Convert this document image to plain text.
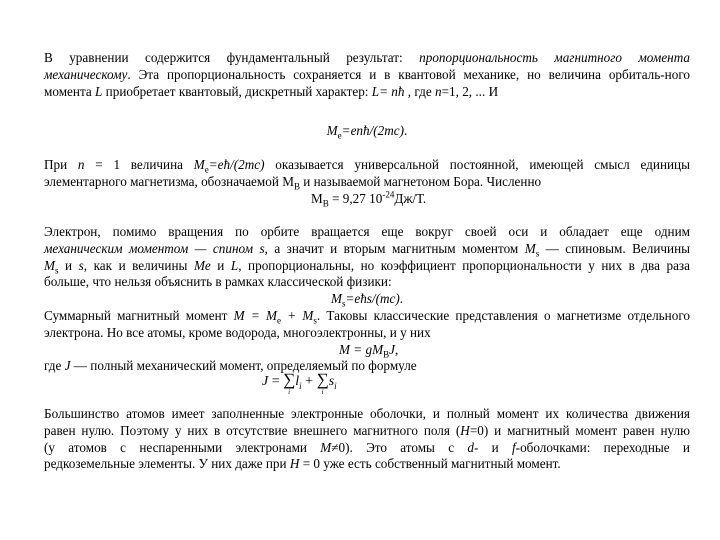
В уравнении содержится фундаментальный результат: пропорциональность магнитного момента
механическому. Эта пропорциональность сохраняется и в квантовой механике, но величина орбиталь-ного
момента L приобретает квантовый, дискретный характер: L= nħ , где n=1, 2, ... И
$M_e=enħ/(2mc)$.
При n = 1 величина $M_e=eħ/(2mc)$ оказывается универсальной постоянной, имеющей смысл единицы
элементарного магнетизма, обозначаемой $M_B$ и называемой магнетоном Бора. Численно
$M_B = 9,27$ $10^{-24}Дж/Т$.
Электрон, помимо вращения по орбите вращается еще вокруг своей оси и обладает еще одним
механическим моментом — спином s, а значит и вторым магнитным моментом $M_s$ — спиновым. Величины
$M_s$ и s, как и величины Me и L, пропорциональны, но коэффициент пропорциональности у них в два раза
больше, что нельзя объяснить в рамках классической физики:
$M_s=eħs/(mc)$.
Суммарный магнитный момент $M = M_e + M_s$. Таковы классические представления о магнетизме отдельного
электрона. Но все атомы, кроме водорода, многоэлектронны, и у них
$M = gM_BJ$,
где J — полный механический момент, определяемый по формуле
J = ∑
i
$l_i$ + ∑
i
$s_i$
Большинство атомов имеет заполненные электронные оболочки, и полный момент их количества движения
равен нулю. Поэтому у них в отсутствие внешнего магнитного поля (H=0) и магнитный момент равен нулю
(у атомов с неспаренными электронами M≠0). Это атомы с d- и f-оболочками: переходные и
редкоземельные элементы. У них даже при H = 0 уже есть собственный магнитный момент.
